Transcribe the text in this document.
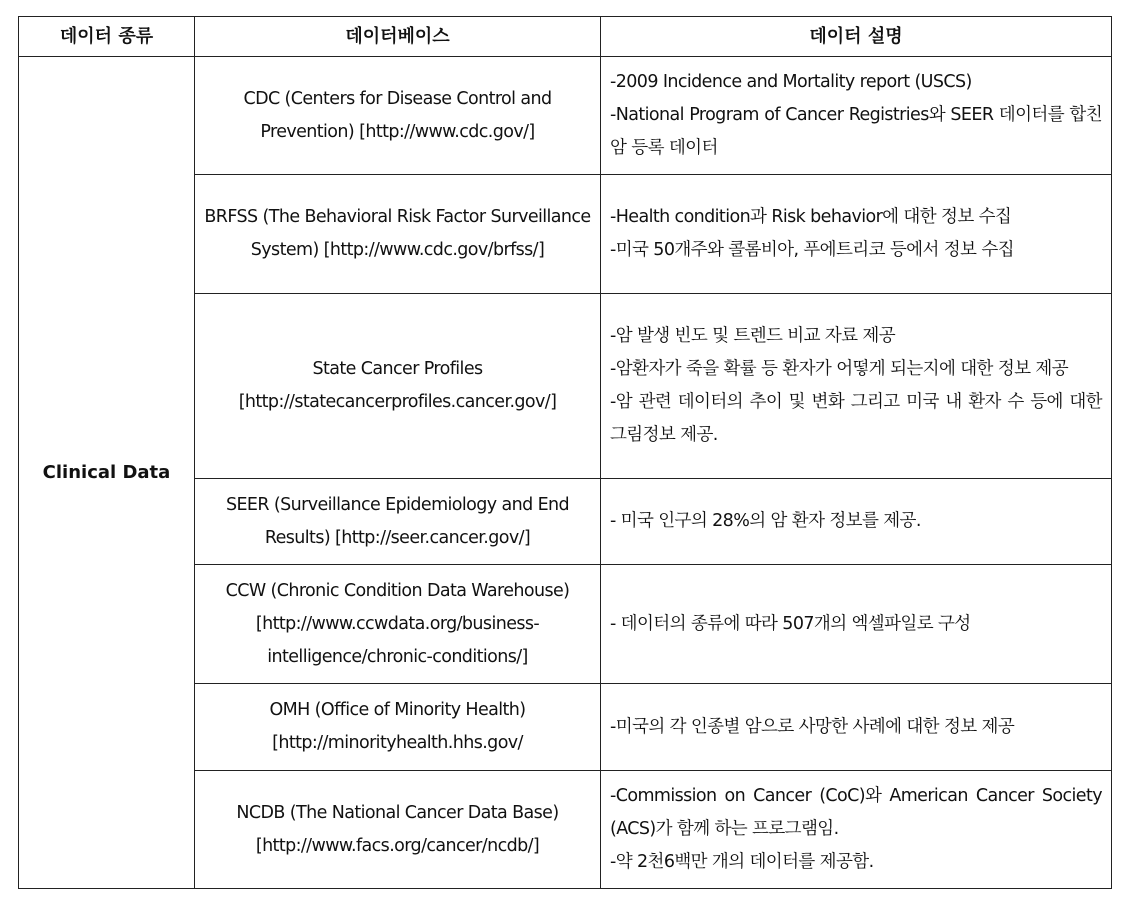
데이터 종류	데이터베이스	데이터 설명
Clinical Data	CDC (Centers for Disease Control and Prevention) [http://www.cdc.gov/]	-2009 Incidence and Mortality report (USCS)
-National Program of Cancer Registries와 SEER 데이터를 합친 암 등록 데이터

	BRFSS (The Behavioral Risk Factor Surveillance System) [http://www.cdc.gov/brfss/]	-Health condition과 Risk behavior에 대한 정보 수집
-미국 50개주와 콜롬비아, 푸에트리코 등에서 정보 수집

	State Cancer Profiles [http://statecancerprofiles.cancer.gov/]	-암 발생 빈도 및 트렌드 비교 자료 제공
-암환자가 죽을 확률 등 환자가 어떻게 되는지에 대한 정보 제공
-암 관련 데이터의 추이 및 변화 그리고 미국 내 환자 수 등에 대한 그림정보 제공.

	SEER (Surveillance Epidemiology and End Results) [http://seer.cancer.gov/]	- 미국 인구의 28%의 암 환자 정보를 제공.

	CCW (Chronic Condition Data Warehouse) [http://www.ccwdata.org/business-intelligence/chronic-conditions/]	- 데이터의 종류에 따라 507개의 엑셀파일로 구성

	OMH (Office of Minority Health) [http://minorityhealth.hhs.gov/	-미국의 각 인종별 암으로 사망한 사례에 대한 정보 제공

	NCDB (The National Cancer Data Base) [http://www.facs.org/cancer/ncdb/]	-Commission on Cancer (CoC)와 American Cancer Society (ACS)가 함께 하는 프로그램임.
-약 2천6백만 개의 데이터를 제공함.
